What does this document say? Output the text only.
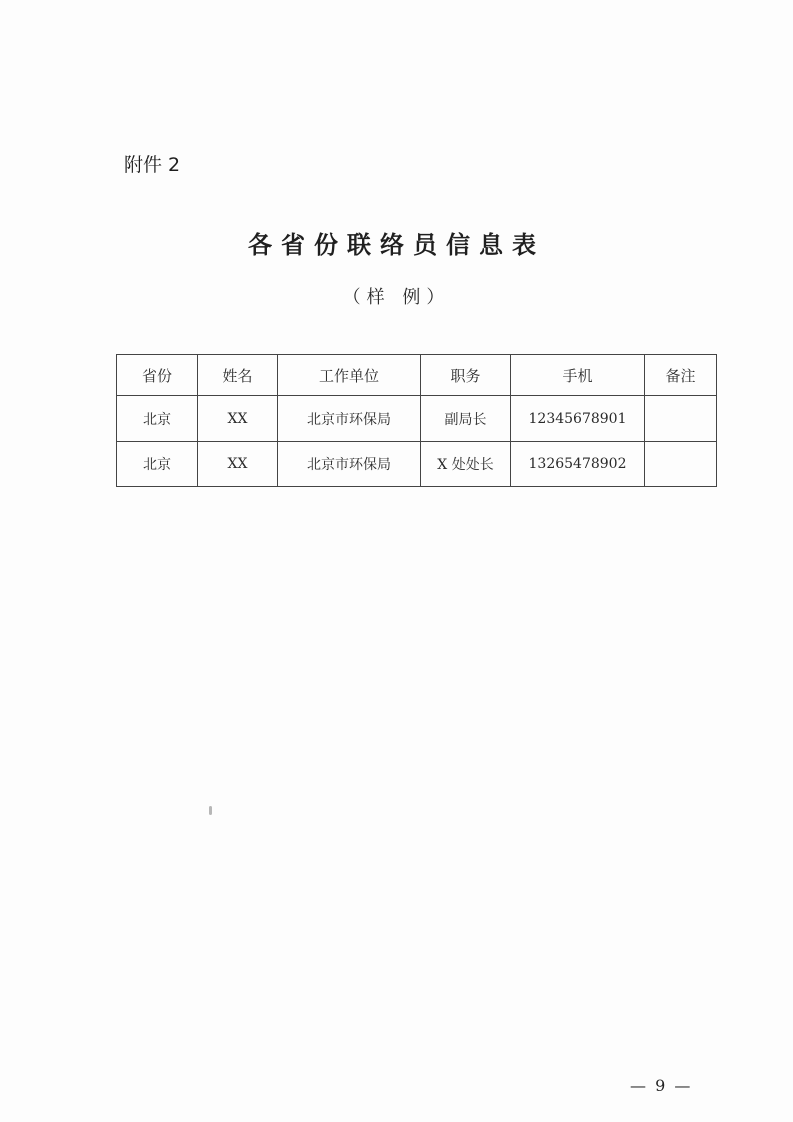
附件 2
各省份联络员信息表
（样 例）
省份	姓名	工作单位	职务	手机	备注
北京	XX	北京市环保局	副局长	12345678901	
北京	XX	北京市环保局	X 处处长	13265478902	
— 9 —
